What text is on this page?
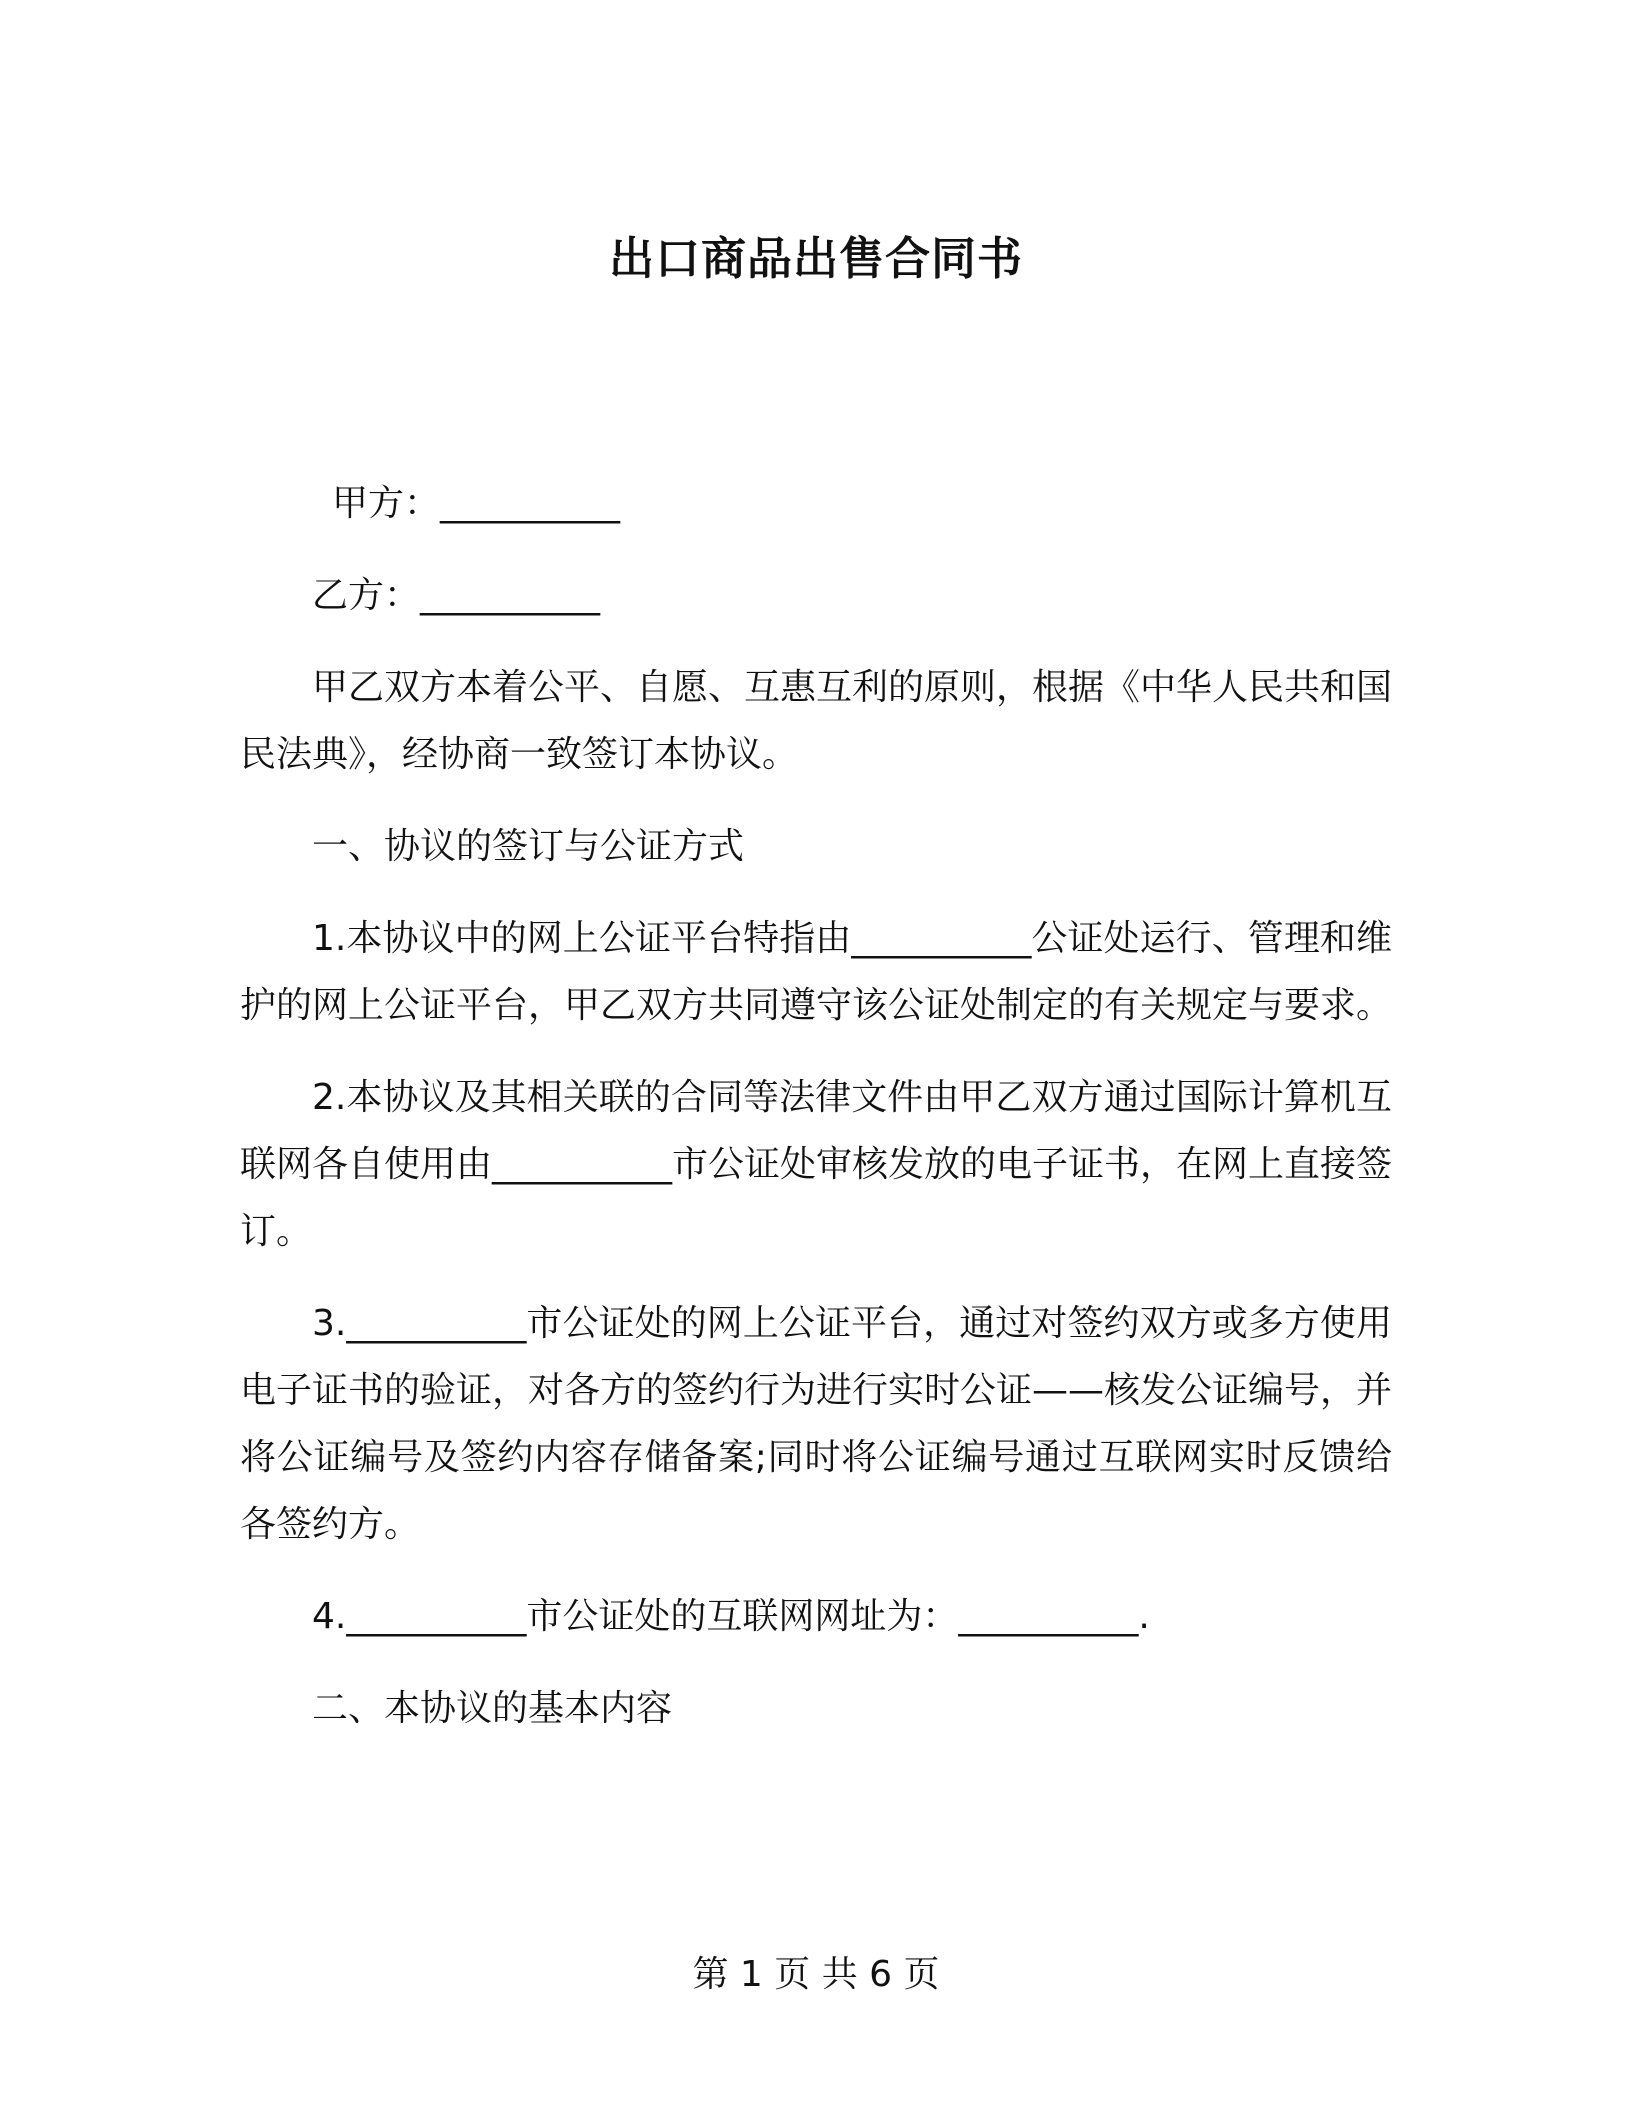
出口商品出售合同书

甲方：__________

乙方：__________

甲乙双方本着公平、自愿、互惠互利的原则，根据《中华人民共和国民法典》，经协商一致签订本协议。

一、协议的签订与公证方式

1.本协议中的网上公证平台特指由__________公证处运行、管理和维护的网上公证平台，甲乙双方共同遵守该公证处制定的有关规定与要求。

2.本协议及其相关联的合同等法律文件由甲乙双方通过国际计算机互联网各自使用由__________市公证处审核发放的电子证书，在网上直接签订。

3.__________市公证处的网上公证平台，通过对签约双方或多方使用电子证书的验证，对各方的签约行为进行实时公证——核发公证编号，并将公证编号及签约内容存储备案;同时将公证编号通过互联网实时反馈给各签约方。

4.__________市公证处的互联网网址为：__________.

二、本协议的基本内容

第 1 页 共 6 页
